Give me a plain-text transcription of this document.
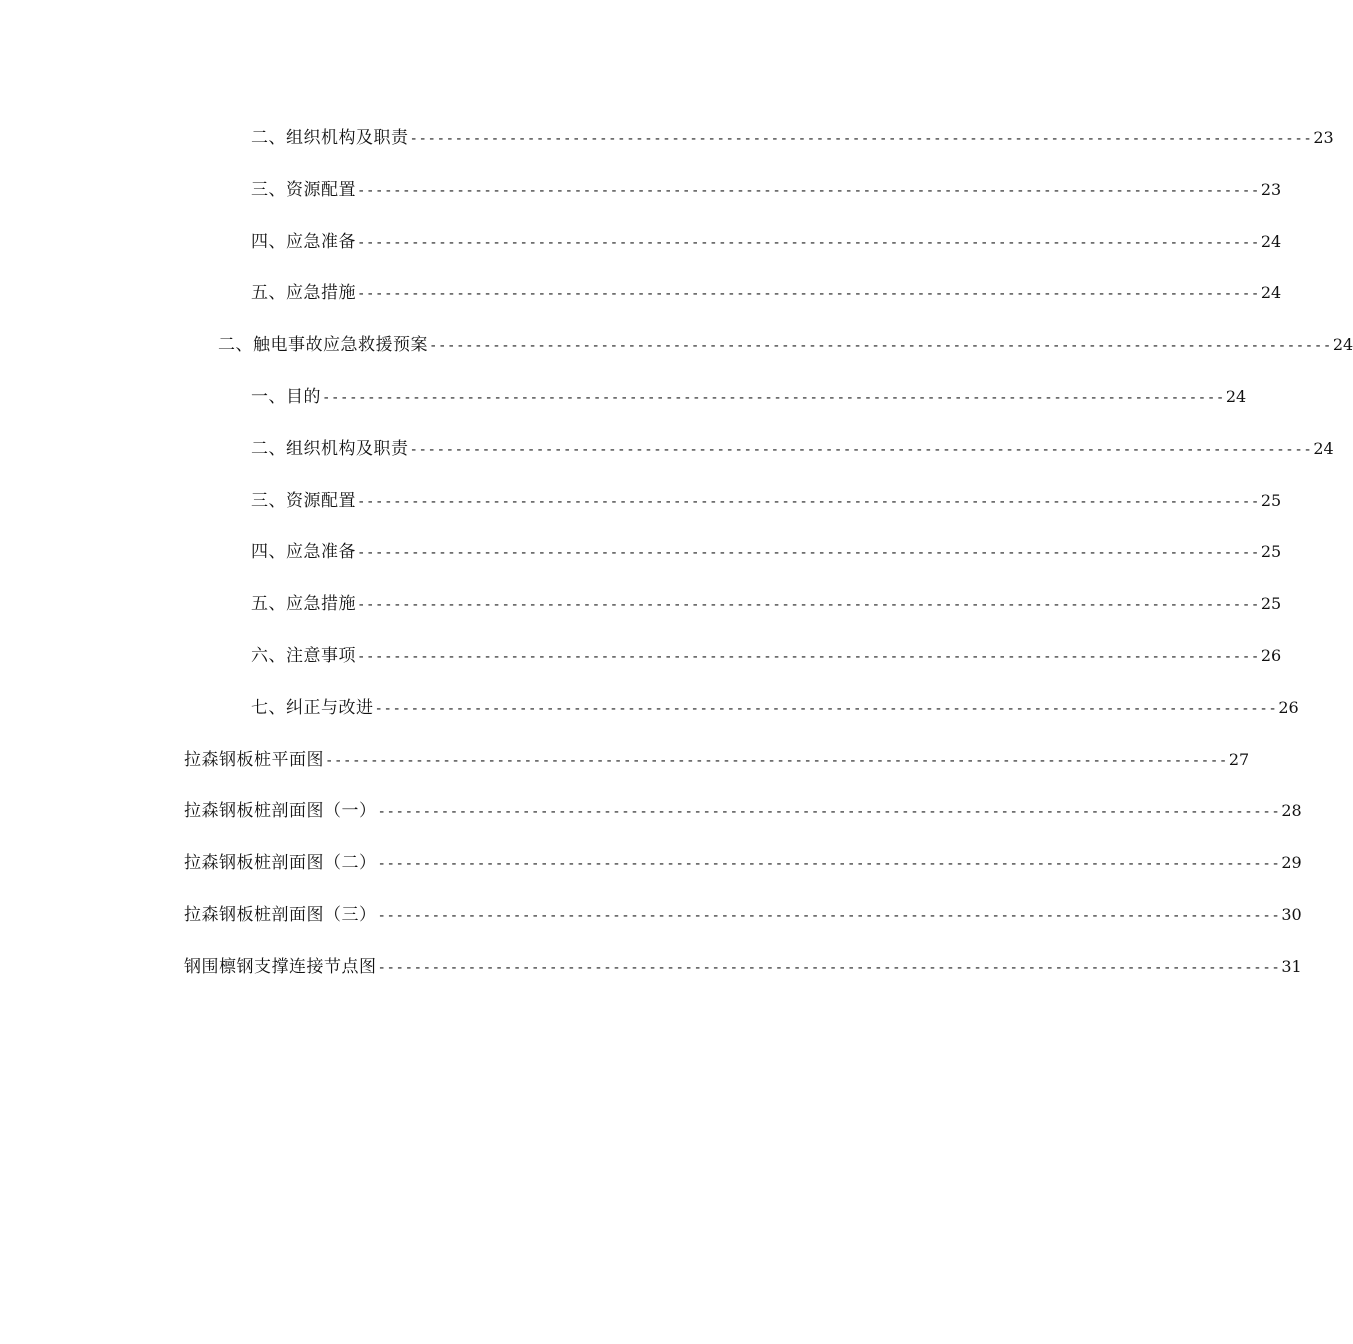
二、组织机构及职责 ---------------------------------------------------------------------------------------------------- 23
三、资源配置 ---------------------------------------------------------------------------------------------------- 23
四、应急准备 ---------------------------------------------------------------------------------------------------- 24
五、应急措施 ---------------------------------------------------------------------------------------------------- 24
二、触电事故应急救援预案 ---------------------------------------------------------------------------------------------------- 24
一、目的 ---------------------------------------------------------------------------------------------------- 24
二、组织机构及职责 ---------------------------------------------------------------------------------------------------- 24
三、资源配置 ---------------------------------------------------------------------------------------------------- 25
四、应急准备 ---------------------------------------------------------------------------------------------------- 25
五、应急措施 ---------------------------------------------------------------------------------------------------- 25
六、注意事项 ---------------------------------------------------------------------------------------------------- 26
七、纠正与改进 ---------------------------------------------------------------------------------------------------- 26
拉森钢板桩平面图 ---------------------------------------------------------------------------------------------------- 27
拉森钢板桩剖面图（一） ---------------------------------------------------------------------------------------------------- 28
拉森钢板桩剖面图（二） ---------------------------------------------------------------------------------------------------- 29
拉森钢板桩剖面图（三） ---------------------------------------------------------------------------------------------------- 30
钢围檩钢支撑连接节点图 ---------------------------------------------------------------------------------------------------- 31
